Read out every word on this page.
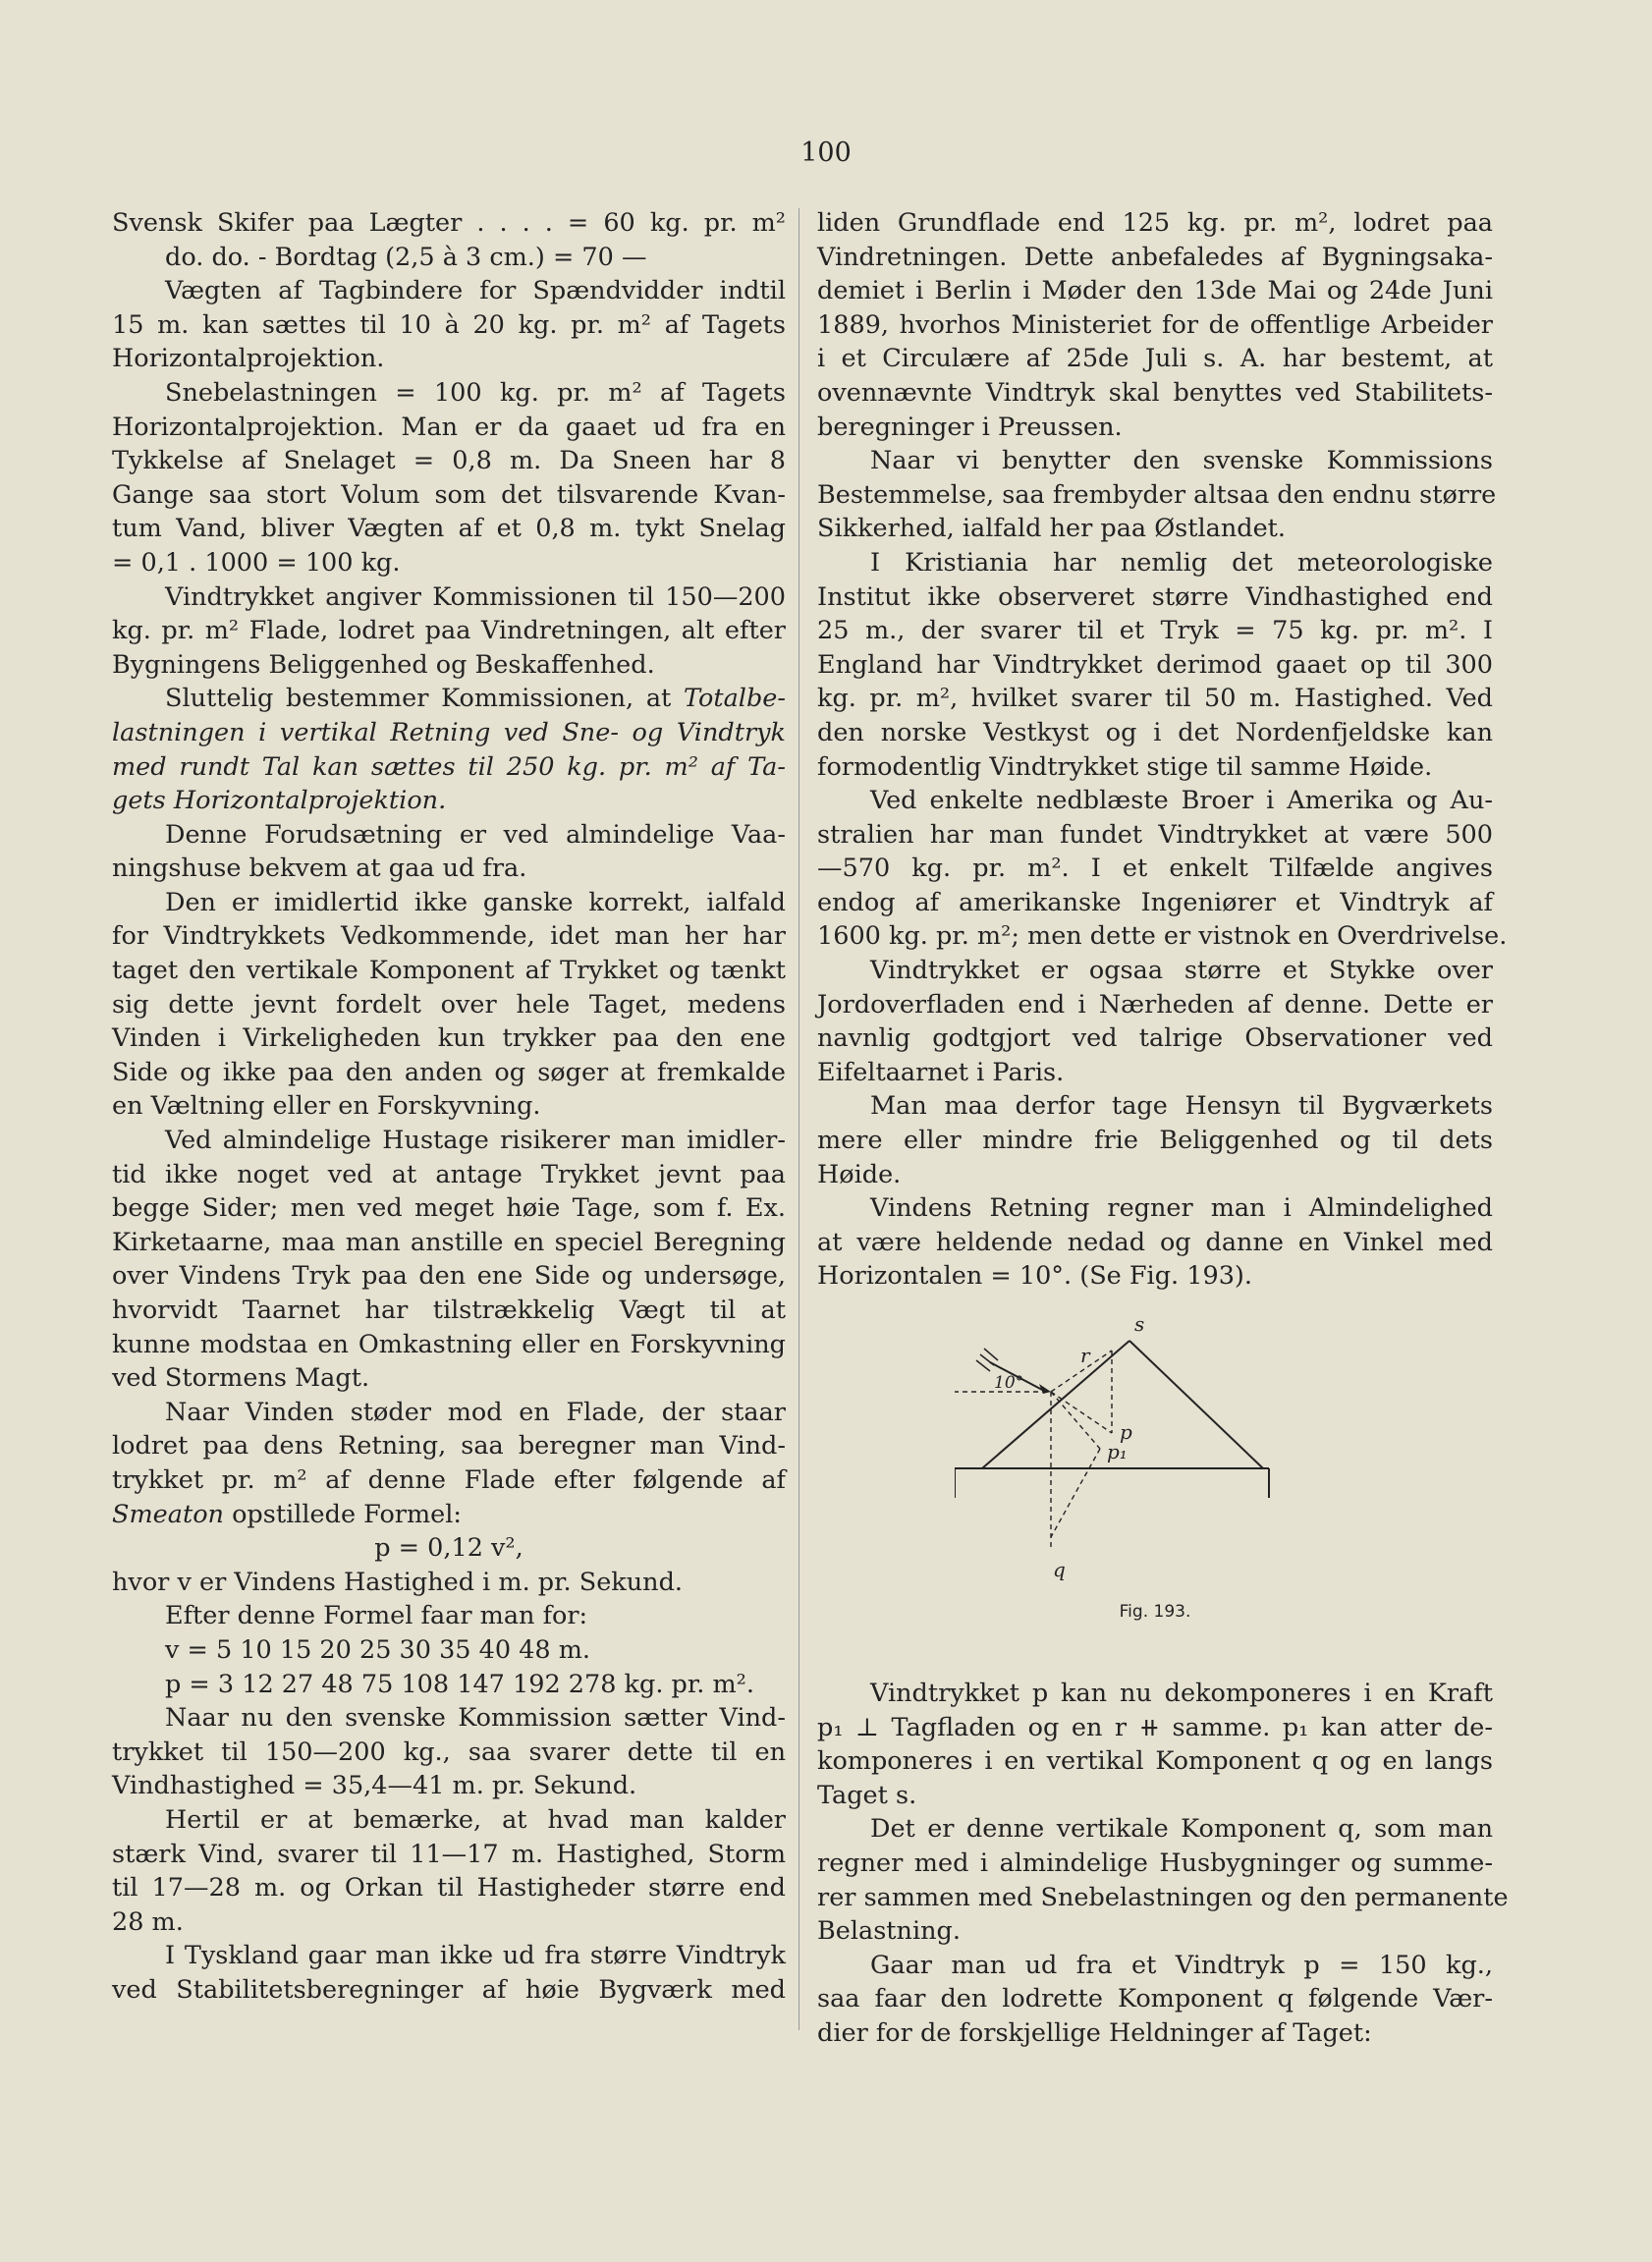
100
Svensk Skifer paa Lægter . . . . = 60 kg. pr. m²
do. do. - Bordtag (2,5 à 3 cm.) = 70 —
Vægten af Tagbindere for Spændvidder indtil
15 m. kan sættes til 10 à 20 kg. pr. m² af Tagets
Horizontalprojektion.
Snebelastningen = 100 kg. pr. m² af Tagets
Horizontalprojektion. Man er da gaaet ud fra en
Tykkelse af Snelaget = 0,8 m. Da Sneen har 8
Gange saa stort Volum som det tilsvarende Kvan-
tum Vand, bliver Vægten af et 0,8 m. tykt Snelag
= 0,1 . 1000 = 100 kg.
Vindtrykket angiver Kommissionen til 150—200
kg. pr. m² Flade, lodret paa Vindretningen, alt efter
Bygningens Beliggenhed og Beskaffenhed.
Sluttelig bestemmer Kommissionen, at Totalbe-
lastningen i vertikal Retning ved Sne- og Vindtryk
med rundt Tal kan sættes til 250 kg. pr. m² af Ta-
gets Horizontalprojektion.
Denne Forudsætning er ved almindelige Vaa-
ningshuse bekvem at gaa ud fra.
Den er imidlertid ikke ganske korrekt, ialfald
for Vindtrykkets Vedkommende, idet man her har
taget den vertikale Komponent af Trykket og tænkt
sig dette jevnt fordelt over hele Taget, medens
Vinden i Virkeligheden kun trykker paa den ene
Side og ikke paa den anden og søger at fremkalde
en Væltning eller en Forskyvning.
Ved almindelige Hustage risikerer man imidler-
tid ikke noget ved at antage Trykket jevnt paa
begge Sider; men ved meget høie Tage, som f. Ex.
Kirketaarne, maa man anstille en speciel Beregning
over Vindens Tryk paa den ene Side og undersøge,
hvorvidt Taarnet har tilstrækkelig Vægt til at
kunne modstaa en Omkastning eller en Forskyvning
ved Stormens Magt.
Naar Vinden støder mod en Flade, der staar
lodret paa dens Retning, saa beregner man Vind-
trykket pr. m² af denne Flade efter følgende af
Smeaton opstillede Formel:
p = 0,12 v²,
hvor v er Vindens Hastighed i m. pr. Sekund.
Efter denne Formel faar man for:
v = 5 10 15 20 25 30 35 40 48 m.
p = 3 12 27 48 75 108 147 192 278 kg. pr. m².
Naar nu den svenske Kommission sætter Vind-
trykket til 150—200 kg., saa svarer dette til en
Vindhastighed = 35,4—41 m. pr. Sekund.
Hertil er at bemærke, at hvad man kalder
stærk Vind, svarer til 11—17 m. Hastighed, Storm
til 17—28 m. og Orkan til Hastigheder større end
28 m.
I Tyskland gaar man ikke ud fra større Vindtryk
ved Stabilitetsberegninger af høie Bygværk med
liden Grundflade end 125 kg. pr. m², lodret paa
Vindretningen. Dette anbefaledes af Bygningsaka-
demiet i Berlin i Møder den 13de Mai og 24de Juni
1889, hvorhos Ministeriet for de offentlige Arbeider
i et Circulære af 25de Juli s. A. har bestemt, at
ovennævnte Vindtryk skal benyttes ved Stabilitets-
beregninger i Preussen.
Naar vi benytter den svenske Kommissions
Bestemmelse, saa frembyder altsaa den endnu større
Sikkerhed, ialfald her paa Østlandet.
I Kristiania har nemlig det meteorologiske
Institut ikke observeret større Vindhastighed end
25 m., der svarer til et Tryk = 75 kg. pr. m². I
England har Vindtrykket derimod gaaet op til 300
kg. pr. m², hvilket svarer til 50 m. Hastighed. Ved
den norske Vestkyst og i det Nordenfjeldske kan
formodentlig Vindtrykket stige til samme Høide.
Ved enkelte nedblæste Broer i Amerika og Au-
stralien har man fundet Vindtrykket at være 500
—570 kg. pr. m². I et enkelt Tilfælde angives
endog af amerikanske Ingeniører et Vindtryk af
1600 kg. pr. m²; men dette er vistnok en Overdrivelse.
Vindtrykket er ogsaa større et Stykke over
Jordoverfladen end i Nærheden af denne. Dette er
navnlig godtgjort ved talrige Observationer ved
Eifeltaarnet i Paris.
Man maa derfor tage Hensyn til Bygværkets
mere eller mindre frie Beliggenhed og til dets
Høide.
Vindens Retning regner man i Almindelighed
at være heldende nedad og danne en Vinkel med
Horizontalen = 10°. (Se Fig. 193).
s
r
10°
p
p₁
q
Fig. 193.
Vindtrykket p kan nu dekomponeres i en Kraft
p₁ ⊥ Tagfladen og en r ⧺ samme. p₁ kan atter de-
komponeres i en vertikal Komponent q og en langs
Taget s.
Det er denne vertikale Komponent q, som man
regner med i almindelige Husbygninger og summe-
rer sammen med Snebelastningen og den permanente
Belastning.
Gaar man ud fra et Vindtryk p = 150 kg.,
saa faar den lodrette Komponent q følgende Vær-
dier for de forskjellige Heldninger af Taget:
